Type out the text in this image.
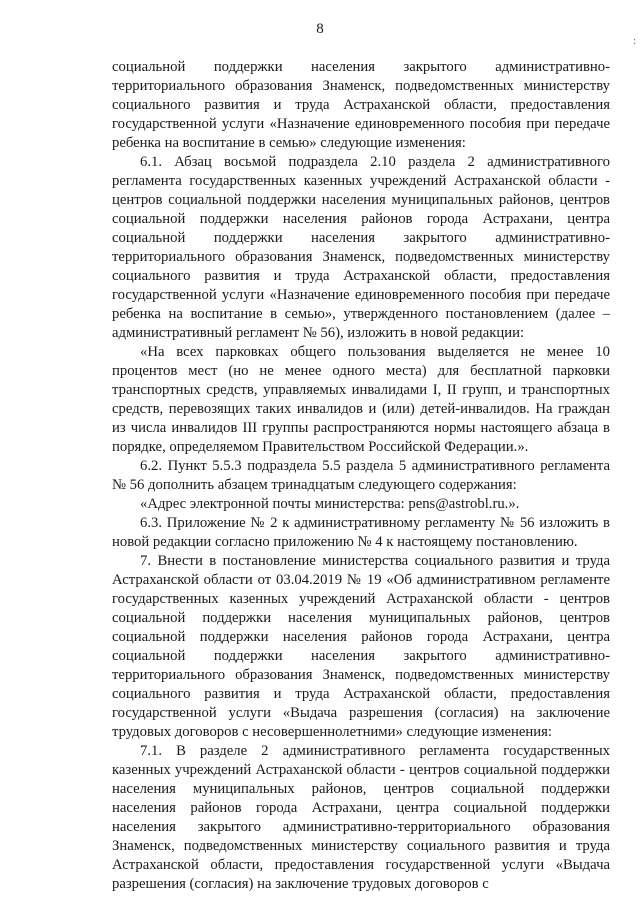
8
:

социальной поддержки населения закрытого административно-территориального образования Знаменск, подведомственных министерству социального развития и труда Астраханской области, предоставления государственной услуги «Назначение единовременного пособия при передаче ребенка на воспитание в семью» следующие изменения:

6.1. Абзац восьмой подраздела 2.10 раздела 2 административного регламента государственных казенных учреждений Астраханской области - центров социальной поддержки населения муниципальных районов, центров социальной поддержки населения районов города Астрахани, центра социальной поддержки населения закрытого административно-территориального образования Знаменск, подведомственных министерству социального развития и труда Астраханской области, предоставления государственной услуги «Назначение единовременного пособия при передаче ребенка на воспитание в семью», утвержденного постановлением (далее – административный регламент № 56), изложить в новой редакции:

«На всех парковках общего пользования выделяется не менее 10 процентов мест (но не менее одного места) для бесплатной парковки транспортных средств, управляемых инвалидами I, II групп, и транспортных средств, перевозящих таких инвалидов и (или) детей-инвалидов. На граждан из числа инвалидов III группы распространяются нормы настоящего абзаца в порядке, определяемом Правительством Российской Федерации.».

6.2. Пункт 5.5.3 подраздела 5.5 раздела 5 административного регламента № 56 дополнить абзацем тринадцатым следующего содержания:

«Адрес электронной почты министерства: pens@astrobl.ru.».

6.3. Приложение № 2 к административному регламенту № 56 изложить в новой редакции согласно приложению № 4 к настоящему постановлению.

7. Внести в постановление министерства социального развития и труда Астраханской области от 03.04.2019 № 19 «Об административном регламенте государственных казенных учреждений Астраханской области - центров социальной поддержки населения муниципальных районов, центров социальной поддержки населения районов города Астрахани, центра социальной поддержки населения закрытого административно-территориального образования Знаменск, подведомственных министерству социального развития и труда Астраханской области, предоставления государственной услуги «Выдача разрешения (согласия) на заключение трудовых договоров с несовершеннолетними» следующие изменения:

7.1. В разделе 2 административного регламента государственных казенных учреждений Астраханской области - центров социальной поддержки населения муниципальных районов, центров социальной поддержки населения районов города Астрахани, центра социальной поддержки населения закрытого административно-территориального образования Знаменск, подведомственных министерству социального развития и труда Астраханской области, предоставления государственной услуги «Выдача разрешения (согласия) на заключение трудовых договоров с
